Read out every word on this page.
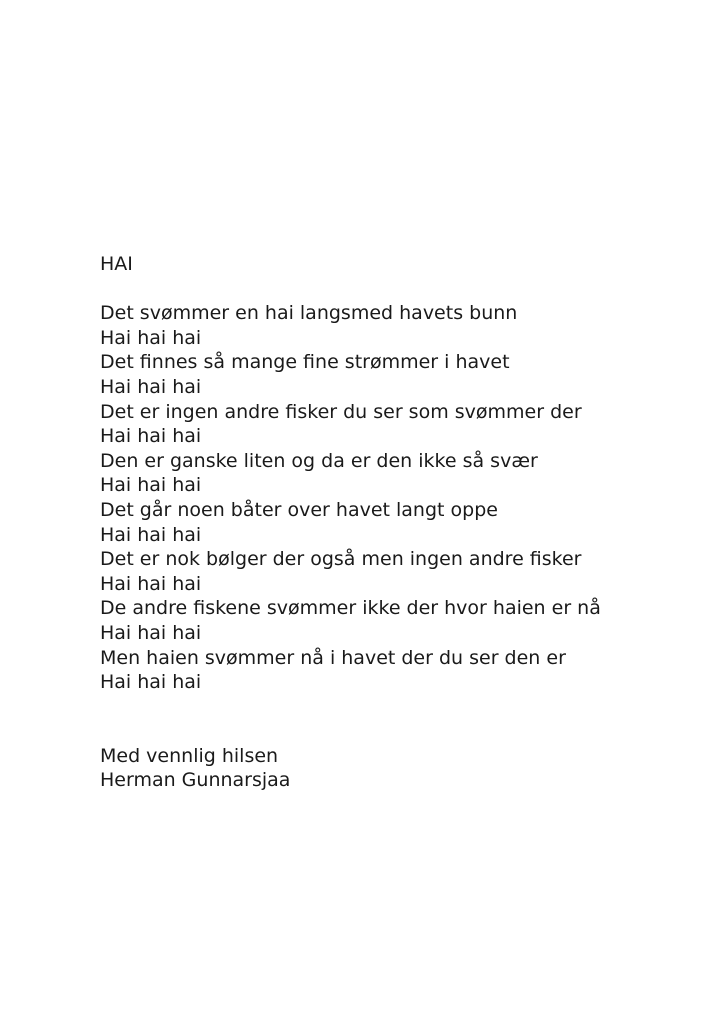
HAI
Det svømmer en hai langsmed havets bunn
Hai hai hai
Det finnes så mange fine strømmer i havet
Hai hai hai
Det er ingen andre fisker du ser som svømmer der
Hai hai hai
Den er ganske liten og da er den ikke så svær
Hai hai hai
Det går noen båter over havet langt oppe
Hai hai hai
Det er nok bølger der også men ingen andre fisker
Hai hai hai
De andre fiskene svømmer ikke der hvor haien er nå
Hai hai hai
Men haien svømmer nå i havet der du ser den er
Hai hai hai
Med vennlig hilsen
Herman Gunnarsjaa
